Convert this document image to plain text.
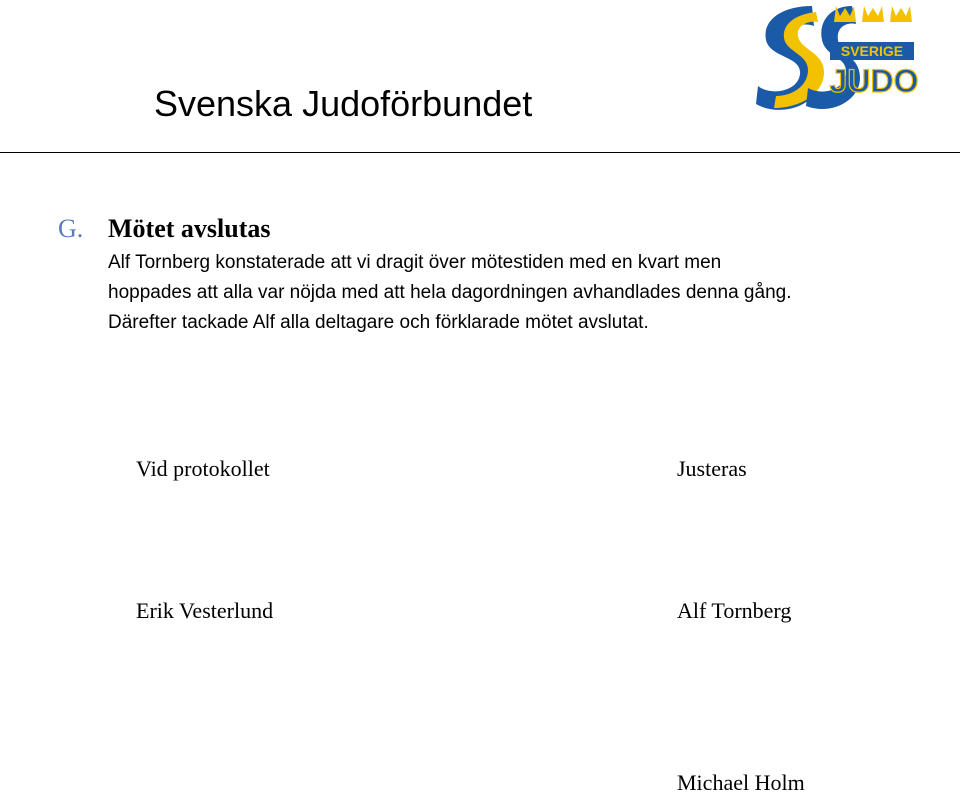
Svenska Judoförbundet
SVERIGE
JUDO
G. Mötet avslutas
Alf Tornberg konstaterade att vi dragit över mötestiden med en kvart men
hoppades att alla var nöjda med att hela dagordningen avhandlades denna gång.
Därefter tackade Alf alla deltagare och förklarade mötet avslutat.
Vid protokollet	Justeras
Erik Vesterlund	Alf Tornberg
Michael Holm
